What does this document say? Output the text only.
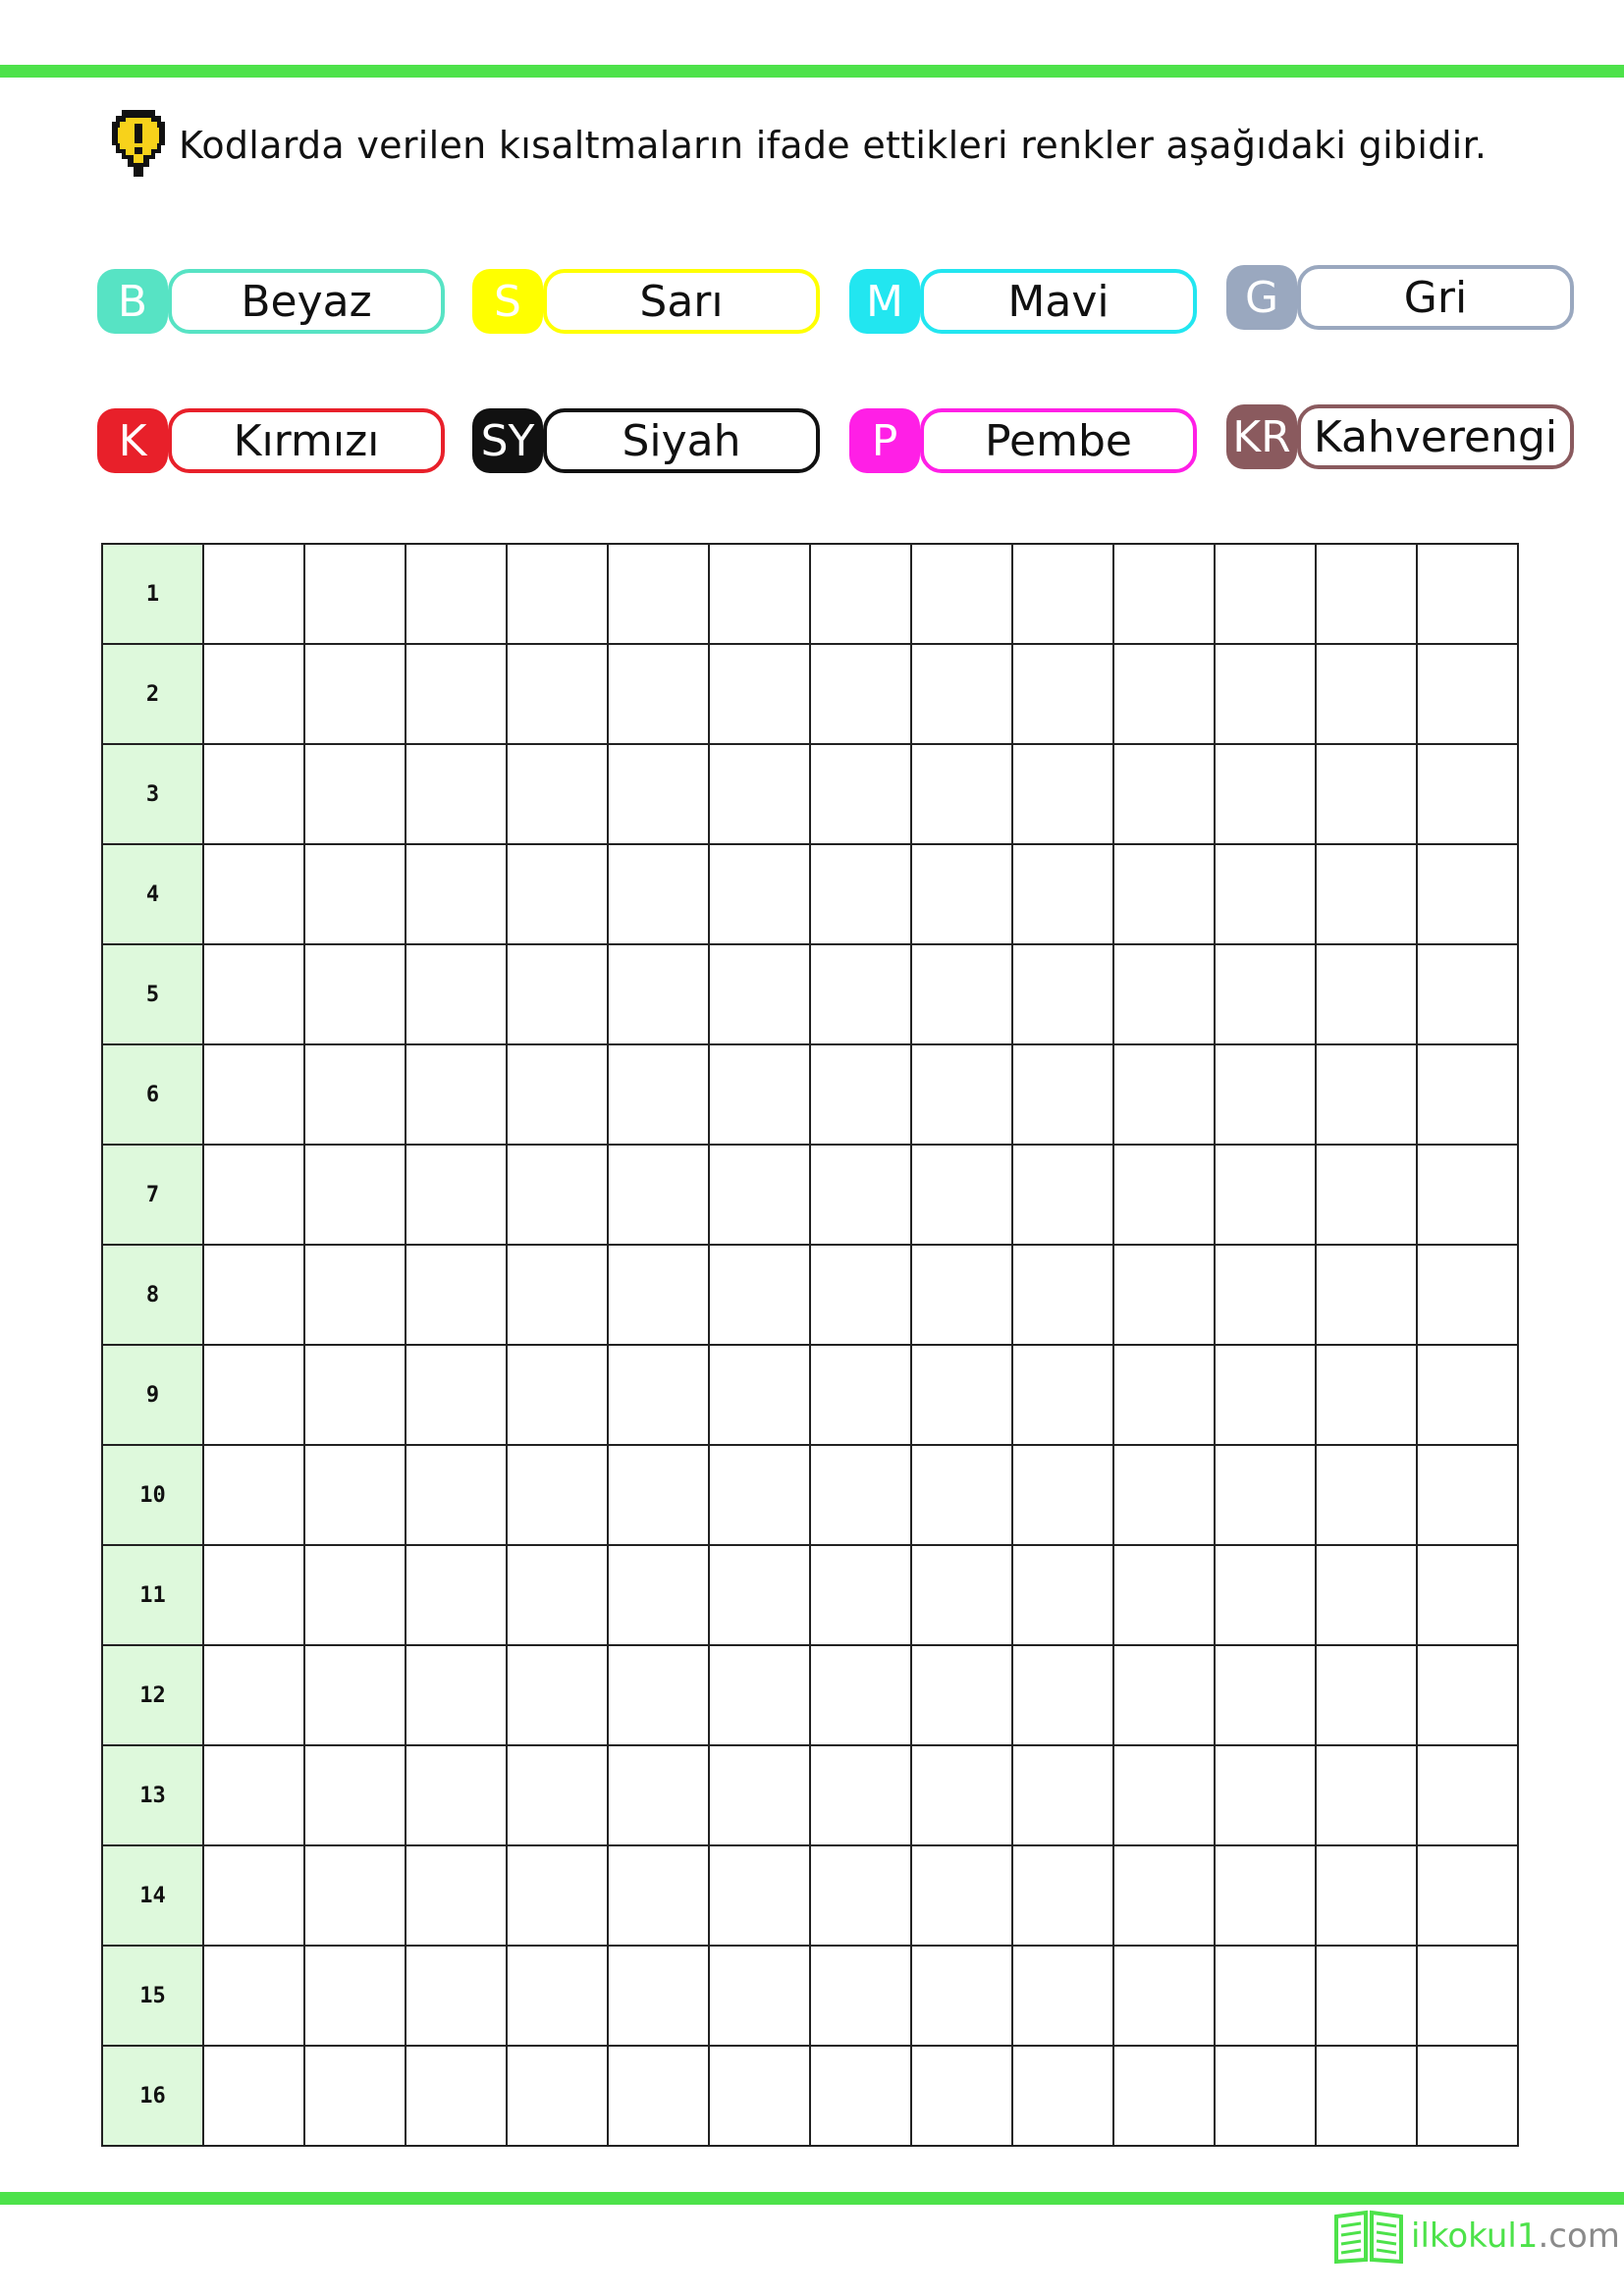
Kodlarda verilen kısaltmaların ifade ettikleri renkler aşağıdaki gibidir.
B	Beyaz	S	Sarı	M	Mavi	G	Gri
K	Kırmızı	SY	Siyah	P	Pembe	KR Kahverengi
1													
2													
3													
4													
5													
6													
7													
8													
9													
10													
11													
12													
13													
14													
15													
16													
ilkokul1.com
